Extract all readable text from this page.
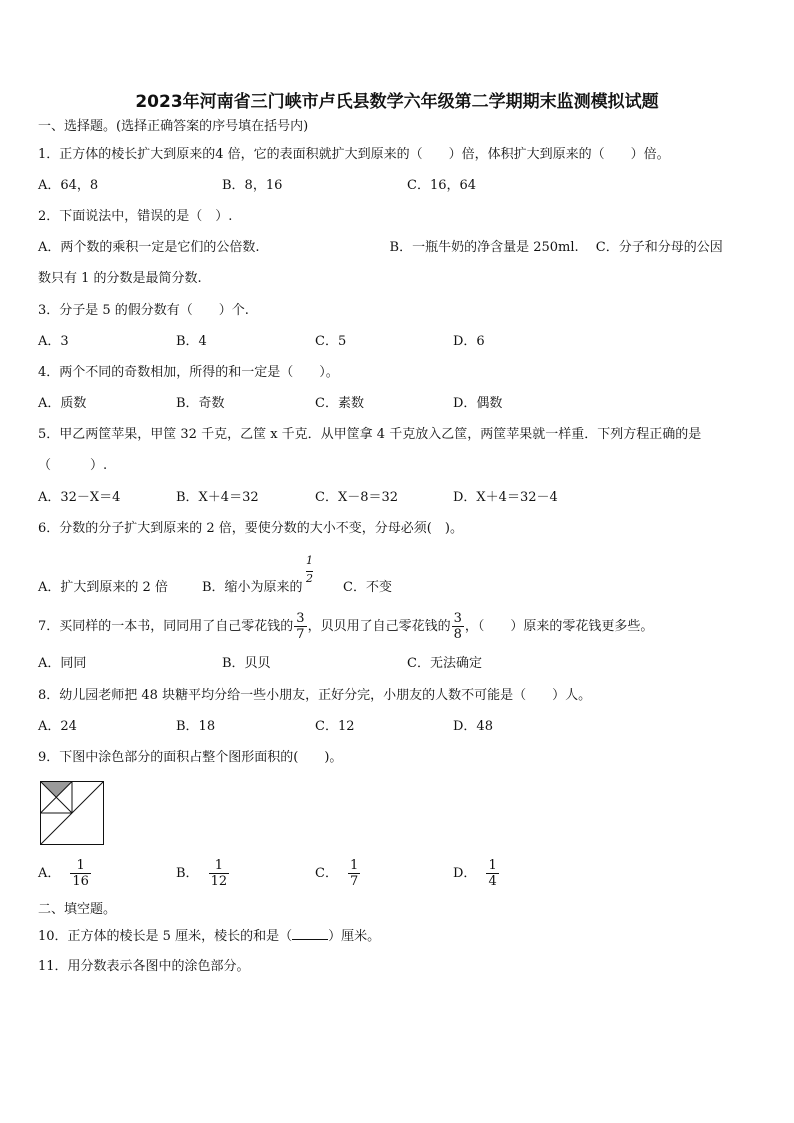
2023年河南省三门峡市卢氏县数学六年级第二学期期末监测模拟试题
一、选择题。(选择正确答案的序号填在括号内)
1．正方体的棱长扩大到原来的4 倍，它的表面积就扩大到原来的（　　）倍，体积扩大到原来的（　　）倍。
A．64，8	B．8，16	C．16，64
2．下面说法中，错误的是（　）.
A．两个数的乘积一定是它们的公倍数.　　　　　　　　　　B．一瓶牛奶的净含量是 250ml.　 C．分子和分母的公因
数只有 1 的分数是最简分数.
3．分子是 5 的假分数有（　　）个.
A．3	B．4	C．5	D．6
4．两个不同的奇数相加，所得的和一定是（　　）。
A．质数	B．奇数	C．素数	D．偶数
5．甲乙两筐苹果，甲筐 32 千克，乙筐 x 千克．从甲筐拿 4 千克放入乙筐，两筐苹果就一样重．下列方程正确的是
（　　　）.
A．32－X＝4	B．X＋4＝32	C．X－8＝32	D．X＋4＝32－4
6．分数的分子扩大到原来的 2 倍，要使分数的大小不变，分母必须(　)。
A．扩大到原来的 2 倍	B．缩小为原来的
$\frac{1}{2}$
C．不变
7．买同样的一本书，同同用了自己零花钱的 $\frac{3}{7}$ ，贝贝用了自己零花钱的 $\frac{3}{8}$ ，（　　）原来的零花钱更多些。
A．同同	B．贝贝	C．无法确定
8．幼儿园老师把 48 块糖平均分给一些小朋友，正好分完，小朋友的人数不可能是（　　）人。
A．24	B．18	C．12	D．48
9．下图中涂色部分的面积占整个图形面积的(　　)。
A． $\frac{1}{16}$	B． $\frac{1}{12}$	C． $\frac{1}{7}$	D． $\frac{1}{4}$
二、填空题。
10．正方体的棱长是 5 厘米，棱长的和是（	）厘米。
11．用分数表示各图中的涂色部分。
